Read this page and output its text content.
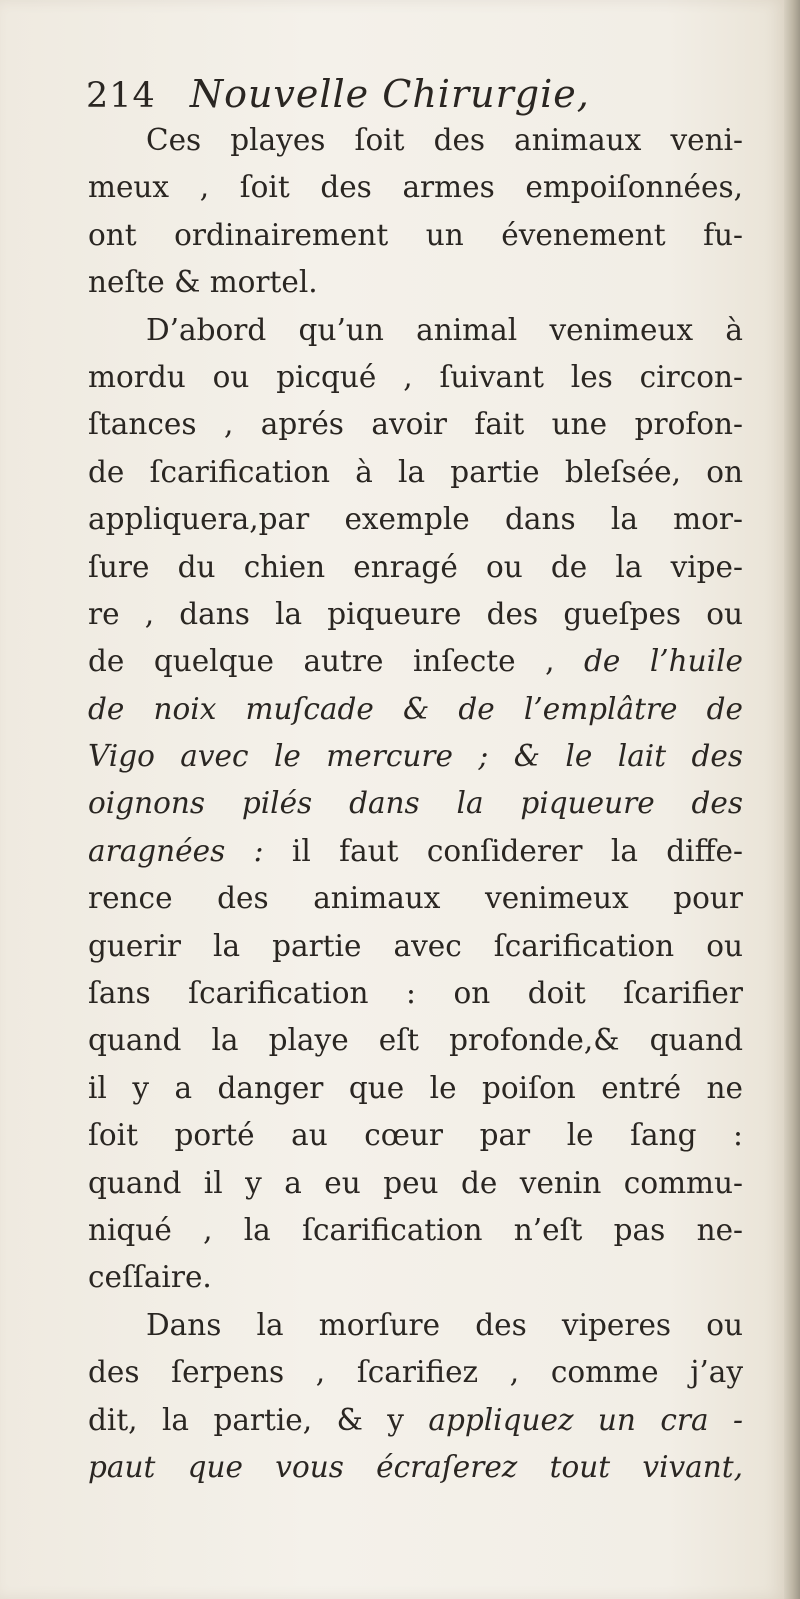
214 Nouvelle Chirurgie,
Ces playes ſoit des animaux veni-
meux , ſoit des armes empoiſonnées,
ont ordinairement un évenement fu-
neſte & mortel.
D’abord qu’un animal venimeux à
mordu ou picqué , ſuivant les circon-
ſtances , aprés avoir fait une profon-
de ſcarification à la partie bleſsée, on
appliquera,par exemple dans la mor-
ſure du chien enragé ou de la vipe-
re , dans la piqueure des gueſpes ou
de quelque autre inſecte , de l’huile
de noix muſcade & de l’emplâtre de
Vigo avec le mercure ; & le lait des
oignons pilés dans la piqueure des
aragnées : il faut conſiderer la diffe-
rence des animaux venimeux pour
guerir la partie avec ſcarification ou
ſans ſcarification : on doit ſcarifier
quand la playe eſt profonde,& quand
il y a danger que le poiſon entré ne
ſoit porté au cœur par le ſang :
quand il y a eu peu de venin commu-
niqué , la ſcarification n’eſt pas ne-
ceſſaire.
Dans la morſure des viperes ou
des ſerpens , ſcarifiez , comme j’ay
dit, la partie, & y appliquez un cra -
paut que vous écraſerez tout vivant,
